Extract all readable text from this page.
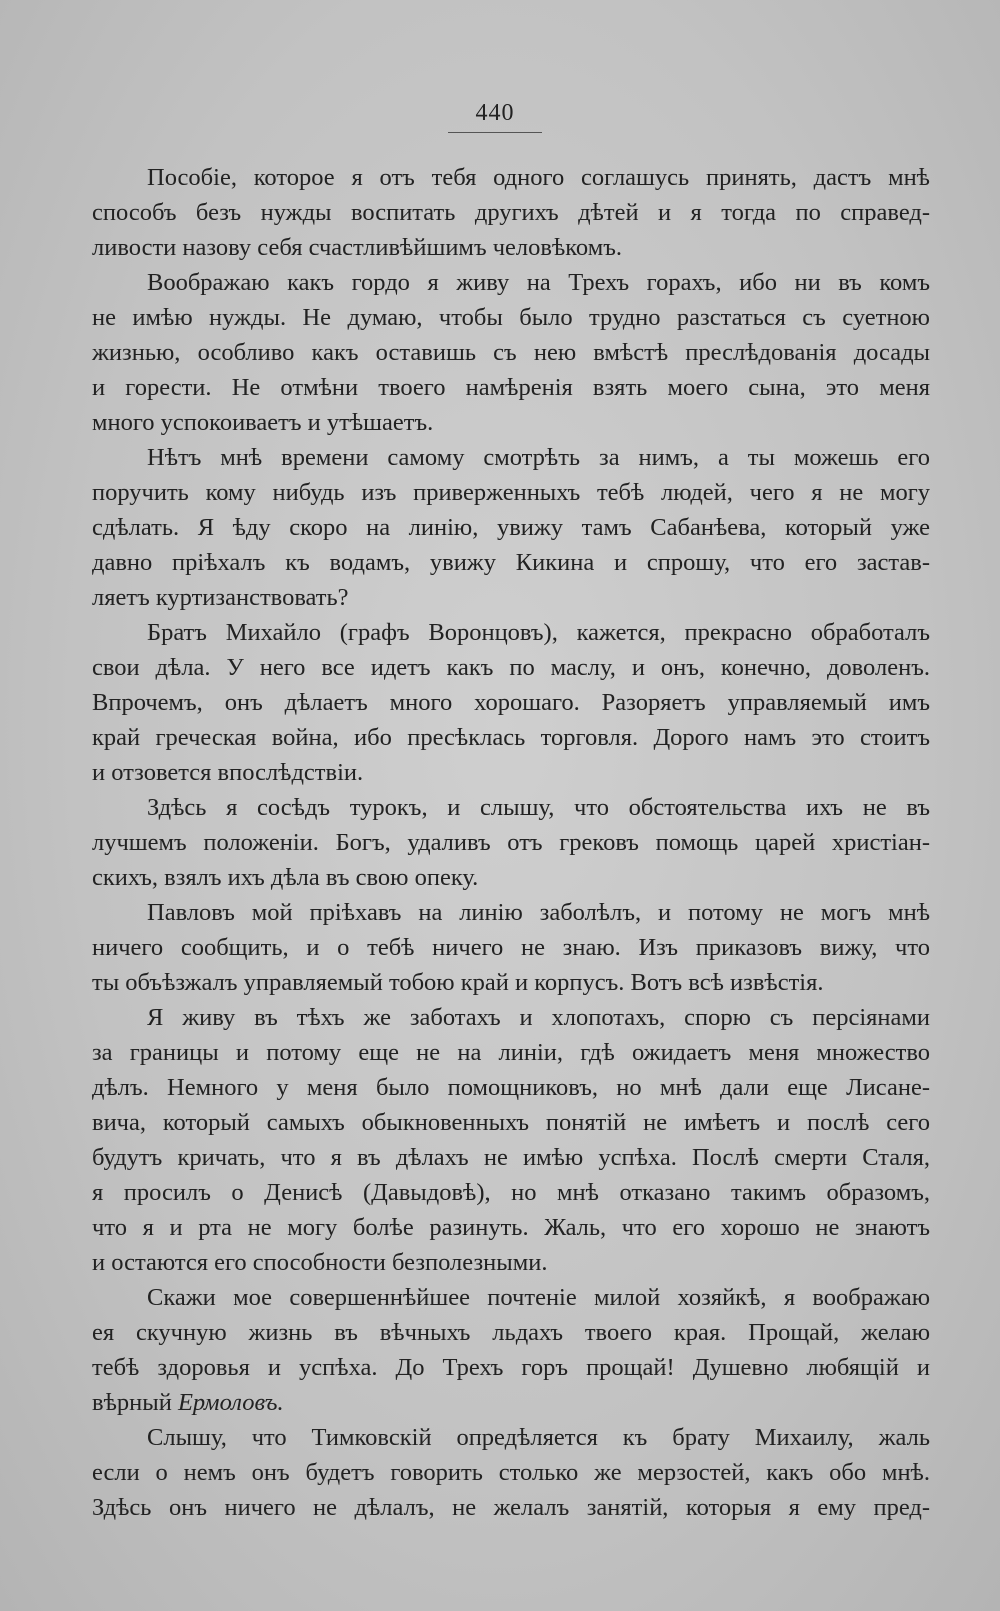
440

Пособіе, которое я отъ тебя одного соглашусь принять, дастъ мнѣ
способъ безъ нужды воспитать другихъ дѣтей и я тогда по справед-
ливости назову себя счастливѣйшимъ человѣкомъ.

Воображаю какъ гордо я живу на Трехъ горахъ, ибо ни въ комъ
не имѣю нужды. Не думаю, чтобы было трудно разстаться съ суетною
жизнью, особливо какъ оставишь съ нею вмѣстѣ преслѣдованія досады
и горести. Не отмѣни твоего намѣренія взять моего сына, это меня
много успокоиваетъ и утѣшаетъ.

Нѣтъ мнѣ времени самому смотрѣть за нимъ, а ты можешь его
поручить кому нибудь изъ приверженныхъ тебѣ людей, чего я не могу
сдѣлать. Я ѣду скоро на линію, увижу тамъ Сабанѣева, который уже
давно пріѣхалъ къ водамъ, увижу Кикина и спрошу, что его застав-
ляетъ куртизанствовать?

Братъ Михайло (графъ Воронцовъ), кажется, прекрасно обработалъ
свои дѣла. У него все идетъ какъ по маслу, и онъ, конечно, доволенъ.
Впрочемъ, онъ дѣлаетъ много хорошаго. Разоряетъ управляемый имъ
край греческая война, ибо пресѣклась торговля. Дорого намъ это стоитъ
и отзовется впослѣдствіи.

Здѣсь я сосѣдъ турокъ, и слышу, что обстоятельства ихъ не въ
лучшемъ положеніи. Богъ, удаливъ отъ грековъ помощь царей христіан-
скихъ, взялъ ихъ дѣла въ свою опеку.

Павловъ мой пріѣхавъ на линію заболѣлъ, и потому не могъ мнѣ
ничего сообщить, и о тебѣ ничего не знаю. Изъ приказовъ вижу, что
ты объѣзжалъ управляемый тобою край и корпусъ. Вотъ всѣ извѣстія.

Я живу въ тѣхъ же заботахъ и хлопотахъ, спорю съ персіянами
за границы и потому еще не на линіи, гдѣ ожидаетъ меня множество
дѣлъ. Немного у меня было помощниковъ, но мнѣ дали еще Лисане-
вича, который самыхъ обыкновенныхъ понятій не имѣетъ и послѣ сего
будутъ кричать, что я въ дѣлахъ не имѣю успѣха. Послѣ смерти Сталя,
я просилъ о Денисѣ (Давыдовѣ), но мнѣ отказано такимъ образомъ,
что я и рта не могу болѣе разинуть. Жаль, что его хорошо не знаютъ
и остаются его способности безполезными.

Скажи мое совершеннѣйшее почтеніе милой хозяйкѣ, я воображаю
ея скучную жизнь въ вѣчныхъ льдахъ твоего края. Прощай, желаю
тебѣ здоровья и успѣха. До Трехъ горъ прощай! Душевно любящій и
вѣрный Ермоловъ.

Слышу, что Тимковскій опредѣляется къ брату Михаилу, жаль
если о немъ онъ будетъ говорить столько же мерзостей, какъ обо мнѣ.
Здѣсь онъ ничего не дѣлалъ, не желалъ занятій, которыя я ему пред-
